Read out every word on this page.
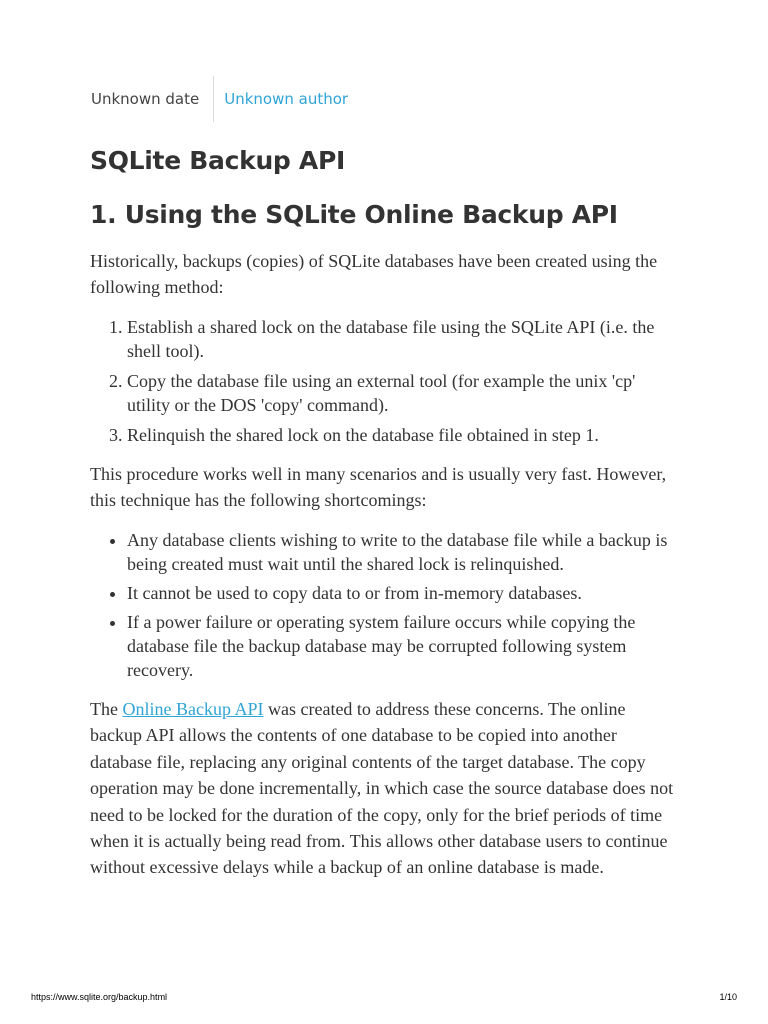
Unknown date	Unknown author
SQLite Backup API
1. Using the SQLite Online Backup API

Historically, backups (copies) of SQLite databases have been created using the following method:

1. Establish a shared lock on the database file using the SQLite API (i.e. the shell tool).
2. Copy the database file using an external tool (for example the unix 'cp' utility or the DOS 'copy' command).
3. Relinquish the shared lock on the database file obtained in step 1.

This procedure works well in many scenarios and is usually very fast. However, this technique has the following shortcomings:

• Any database clients wishing to write to the database file while a backup is being created must wait until the shared lock is relinquished.
• It cannot be used to copy data to or from in-memory databases.
• If a power failure or operating system failure occurs while copying the database file the backup database may be corrupted following system recovery.

The Online Backup API was created to address these concerns. The online backup API allows the contents of one database to be copied into another database file, replacing any original contents of the target database. The copy operation may be done incrementally, in which case the source database does not need to be locked for the duration of the copy, only for the brief periods of time when it is actually being read from. This allows other database users to continue without excessive delays while a backup of an online database is made.

https://www.sqlite.org/backup.html	1/10
